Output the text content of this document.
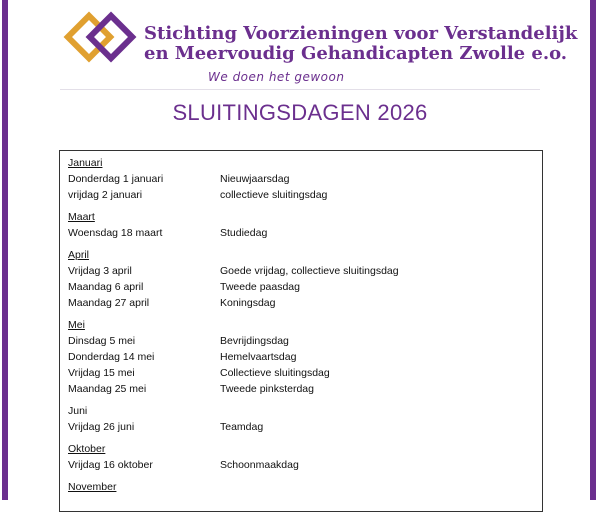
Stichting Voorzieningen voor Verstandelijk
en Meervoudig Gehandicapten Zwolle e.o.
We doen het gewoon
SLUITINGSDAGEN 2026
Januari
Donderdag 1 januari	Nieuwjaarsdag
vrijdag 2 januari	collectieve sluitingsdag
Maart
Woensdag 18 maart	Studiedag
April
Vrijdag 3 april	Goede vrijdag, collectieve sluitingsdag
Maandag 6 april	Tweede paasdag
Maandag 27 april	Koningsdag
Mei
Dinsdag 5 mei	Bevrijdingsdag
Donderdag 14 mei	Hemelvaartsdag
Vrijdag 15 mei	Collectieve sluitingsdag
Maandag 25 mei	Tweede pinksterdag
Juni
Vrijdag 26 juni	Teamdag
Oktober
Vrijdag 16 oktober	Schoonmaakdag
November
